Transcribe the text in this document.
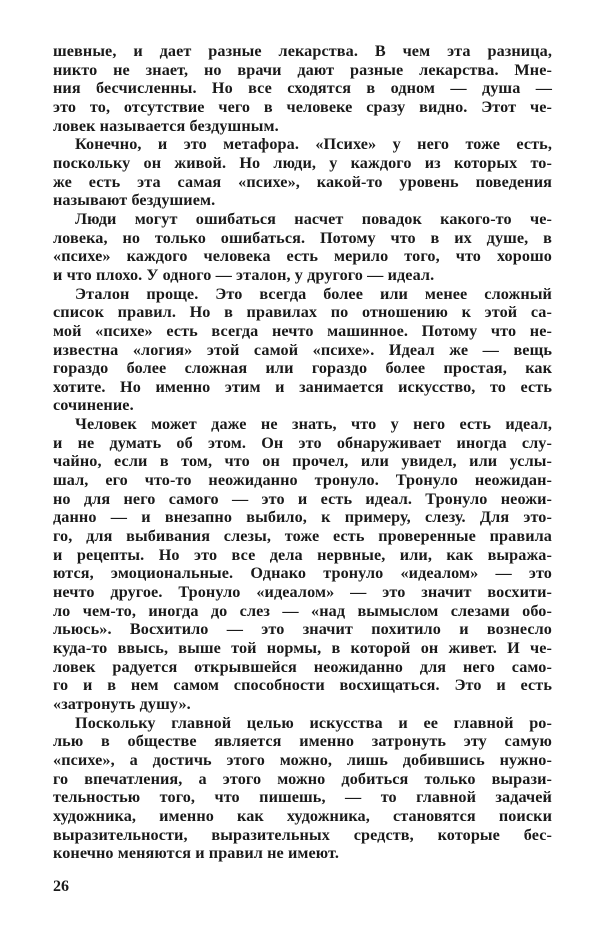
шевные, и дает разные лекарства. В чем эта разница,
никто не знает, но врачи дают разные лекарства. Мне-
ния бесчисленны. Но все сходятся в одном — душа —
это то, отсутствие чего в человеке сразу видно. Этот че-
ловек называется бездушным.
Конечно, и это метафора. «Психе» у него тоже есть,
поскольку он живой. Но люди, у каждого из которых то-
же есть эта самая «психе», какой-то уровень поведения
называют бездушием.
Люди могут ошибаться насчет повадок какого-то че-
ловека, но только ошибаться. Потому что в их душе, в
«психе» каждого человека есть мерило того, что хорошо
и что плохо. У одного — эталон, у другого — идеал.
Эталон проще. Это всегда более или менее сложный
список правил. Но в правилах по отношению к этой са-
мой «психе» есть всегда нечто машинное. Потому что не-
известна «логия» этой самой «психе». Идеал же — вещь
гораздо более сложная или гораздо более простая, как
хотите. Но именно этим и занимается искусство, то есть
сочинение.
Человек может даже не знать, что у него есть идеал,
и не думать об этом. Он это обнаруживает иногда слу-
чайно, если в том, что он прочел, или увидел, или услы-
шал, его что-то неожиданно тронуло. Тронуло неожидан-
но для него самого — это и есть идеал. Тронуло неожи-
данно — и внезапно выбило, к примеру, слезу. Для это-
го, для выбивания слезы, тоже есть проверенные правила
и рецепты. Но это все дела нервные, или, как выража-
ются, эмоциональные. Однако тронуло «идеалом» — это
нечто другое. Тронуло «идеалом» — это значит восхити-
ло чем-то, иногда до слез — «над вымыслом слезами обо-
льюсь». Восхитило — это значит похитило и вознесло
куда-то ввысь, выше той нормы, в которой он живет. И че-
ловек радуется открывшейся неожиданно для него само-
го и в нем самом способности восхищаться. Это и есть
«затронуть душу».
Поскольку главной целью искусства и ее главной ро-
лью в обществе является именно затронуть эту самую
«психе», а достичь этого можно, лишь добившись нужно-
го впечатления, а этого можно добиться только вырази-
тельностью того, что пишешь, — то главной задачей
художника, именно как художника, становятся поиски
выразительности, выразительных средств, которые бес-
конечно меняются и правил не имеют.
26
